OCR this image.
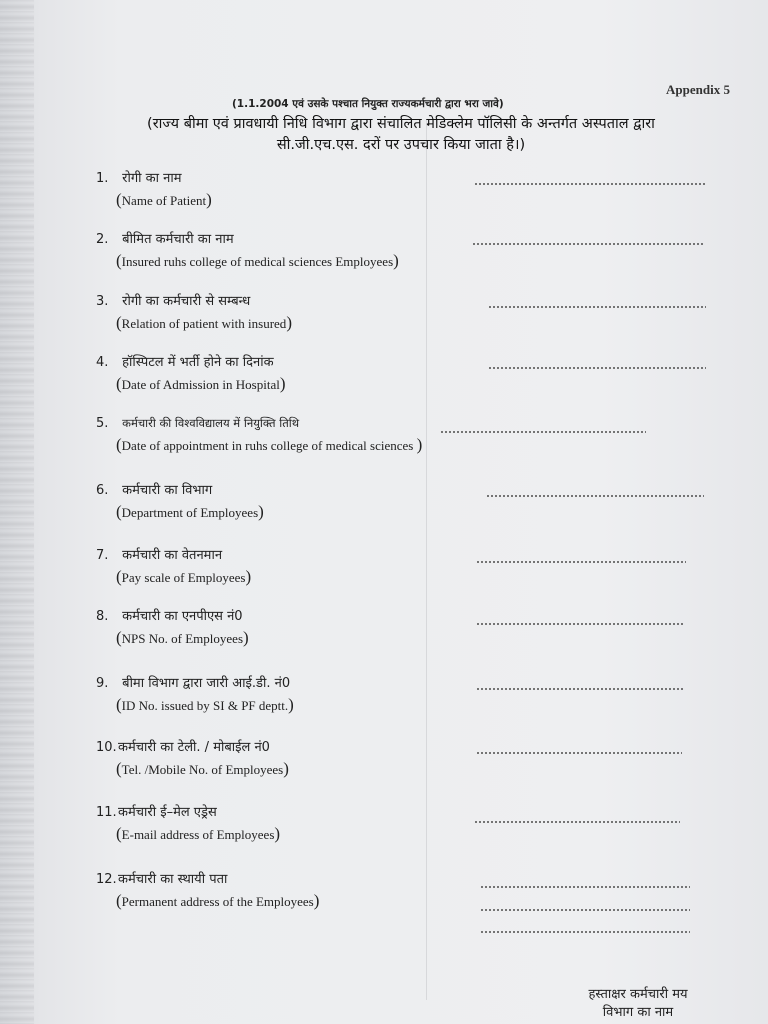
Appendix 5
(1.1.2004 एवं उसके पश्चात नियुक्त राज्यकर्मचारी द्वारा भरा जावे)
(राज्य बीमा एवं प्रावधायी निधि विभाग द्वारा संचालित मेडिक्लेम पॉलिसी के अन्तर्गत अस्पताल द्वारा
सी.जी.एच.एस. दरों पर उपचार किया जाता है।)
1. रोगी का नाम
(Name of Patient)
2. बीमित कर्मचारी का नाम
(Insured ruhs college of medical sciences Employees)
3. रोगी का कर्मचारी से सम्बन्ध
(Relation of patient with insured)
4. हॉस्पिटल में भर्ती होने का दिनांक
(Date of Admission in Hospital)
5. कर्मचारी की विश्वविद्यालय में नियुक्ति तिथि
(Date of appointment in ruhs college of medical sciences )
6. कर्मचारी का विभाग
(Department of Employees)
7. कर्मचारी का वेतनमान
(Pay scale of Employees)
8. कर्मचारी का एनपीएस नं0
(NPS No. of Employees)
9. बीमा विभाग द्वारा जारी आई.डी. नं0
(ID No. issued by SI & PF deptt.)
10.कर्मचारी का टेली. / मोबाईल नं0
(Tel. /Mobile No. of Employees)
11.कर्मचारी ई–मेल एड्रेस
(E-mail address of Employees)
12.कर्मचारी का स्थायी पता
(Permanent address of the Employees)
हस्ताक्षर कर्मचारी मय
विभाग का नाम
